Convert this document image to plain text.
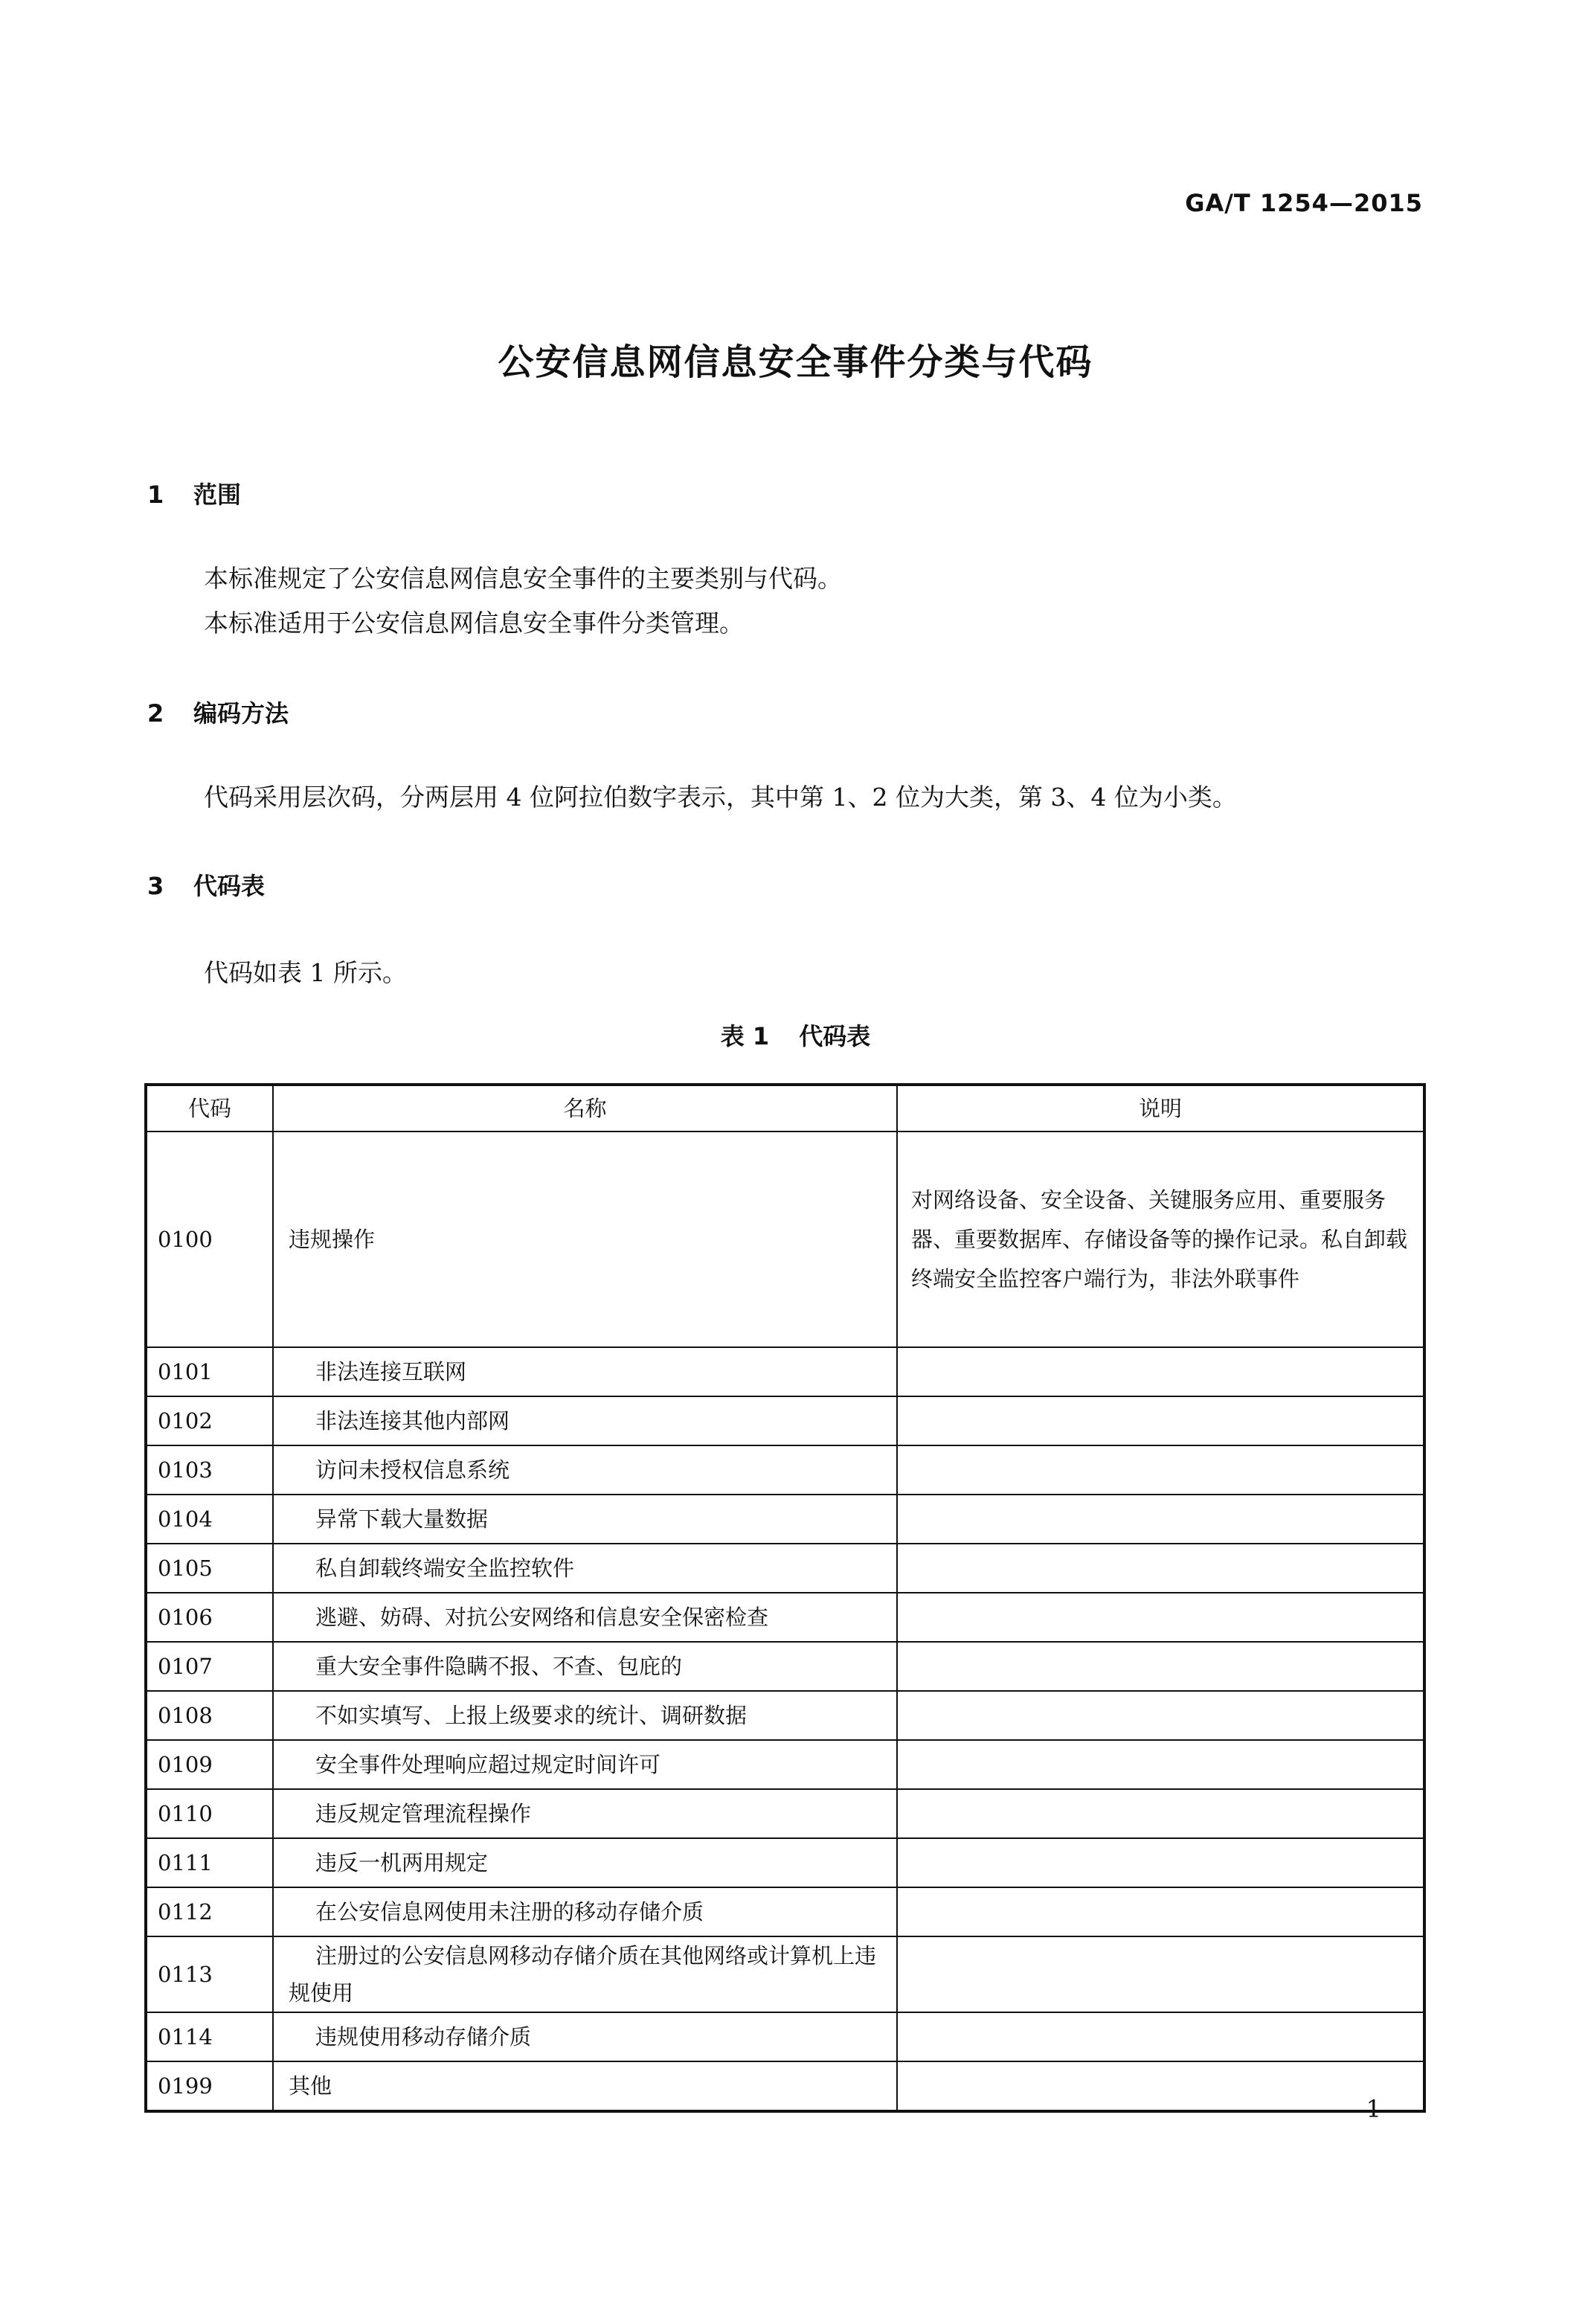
GA/T 1254—2015
公安信息网信息安全事件分类与代码
1 范围
本标准规定了公安信息网信息安全事件的主要类别与代码。
本标准适用于公安信息网信息安全事件分类管理。
2 编码方法
代码采用层次码，分两层用 4 位阿拉伯数字表示，其中第 1、2 位为大类，第 3、4 位为小类。
3 代码表
代码如表 1 所示。
表 1 代码表
代码	名称	说明
0100	违规操作	对网络设备、安全设备、关键服务应用、重要服务器、重要数据库、存储设备等的操作记录。私自卸载终端安全监控客户端行为，非法外联事件
0101	非法连接互联网	
0102	非法连接其他内部网	
0103	访问未授权信息系统	
0104	异常下载大量数据	
0105	私自卸载终端安全监控软件	
0106	逃避、妨碍、对抗公安网络和信息安全保密检查	
0107	重大安全事件隐瞒不报、不查、包庇的	
0108	不如实填写、上报上级要求的统计、调研数据	
0109	安全事件处理响应超过规定时间许可	
0110	违反规定管理流程操作	
0111	违反一机两用规定	
0112	在公安信息网使用未注册的移动存储介质	
0113	注册过的公安信息网移动存储介质在其他网络或计算机上违规使用	
0114	违规使用移动存储介质	
0199	其他	
1
